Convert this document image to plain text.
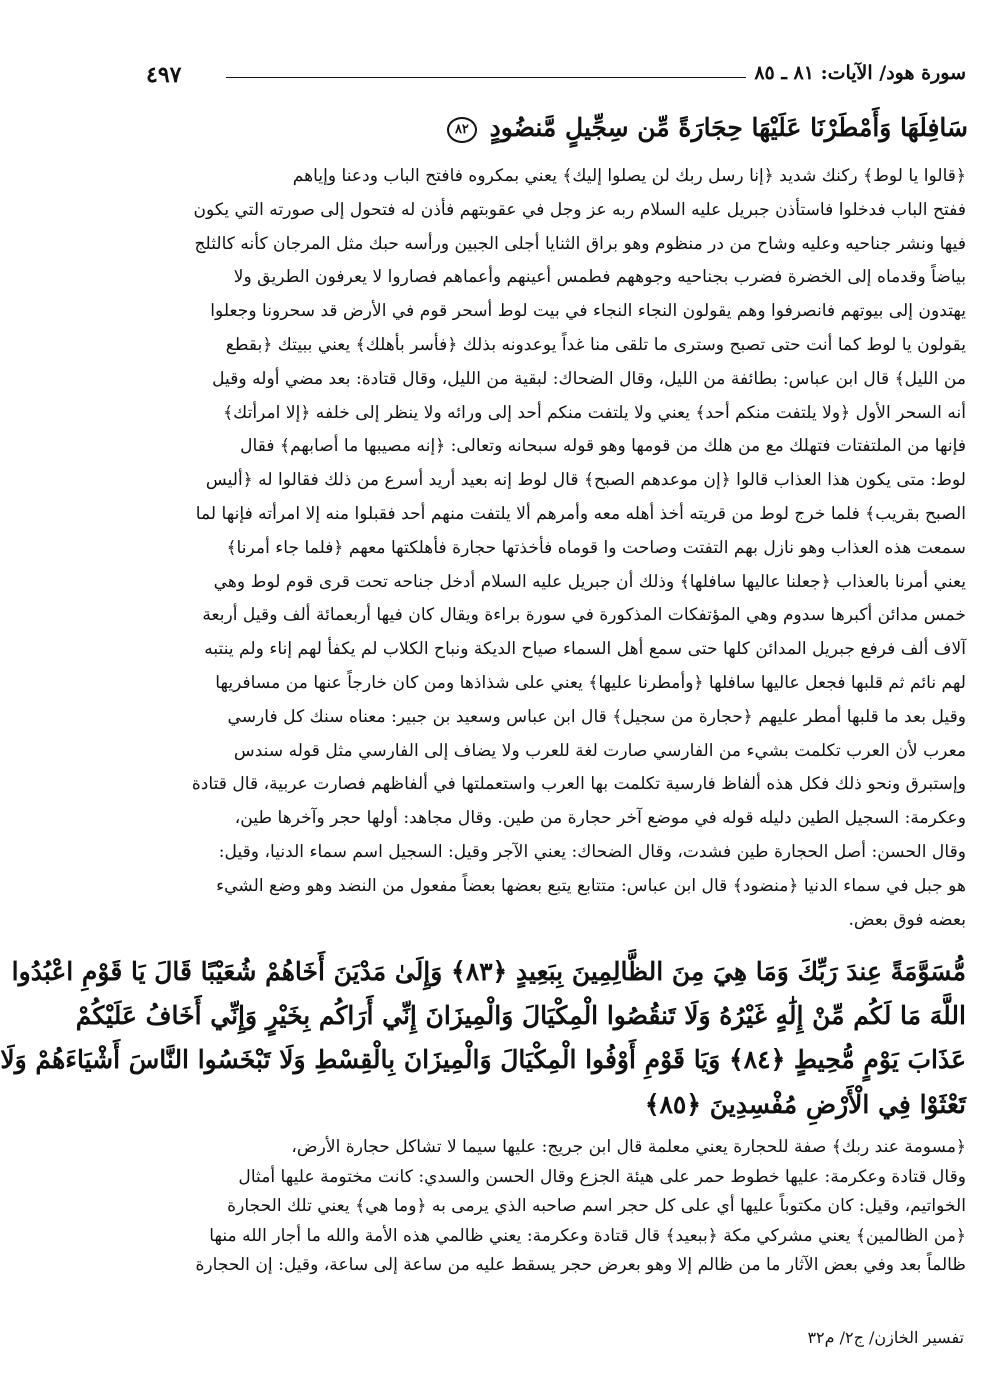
سورة هود/ الآيات: ٨١ ـ ٨٥
٤٩٧
سَافِلَهَا وَأَمْطَرْنَا عَلَيْهَا حِجَارَةً مِّن سِجِّيلٍ مَّنضُودٍ ٨٢
﴿قالوا يا لوط﴾ ركنك شديد ﴿إنا رسل ربك لن يصلوا إليك﴾ يعني بمكروه فافتح الباب ودعنا وإياهم
ففتح الباب فدخلوا فاستأذن جبريل عليه السلام ربه عز وجل في عقوبتهم فأذن له فتحول إلى صورته التي يكون
فيها ونشر جناحيه وعليه وشاح من در منظوم وهو براق الثنايا أجلى الجبين ورأسه حبك مثل المرجان كأنه كالثلج
بياضاً وقدماه إلى الخضرة فضرب بجناحيه وجوههم فطمس أعينهم وأعماهم فصاروا لا يعرفون الطريق ولا
يهتدون إلى بيوتهم فانصرفوا وهم يقولون النجاء النجاء في بيت لوط أسحر قوم في الأرض قد سحرونا وجعلوا
يقولون يا لوط كما أنت حتى تصبح وسترى ما تلقى منا غداً يوعدونه بذلك ﴿فأسر بأهلك﴾ يعني ببيتك ﴿بقطع
من الليل﴾ قال ابن عباس: بطائفة من الليل، وقال الضحاك: لبقية من الليل، وقال قتادة: بعد مضي أوله وقيل
أنه السحر الأول ﴿ولا يلتفت منكم أحد﴾ يعني ولا يلتفت منكم أحد إلى ورائه ولا ينظر إلى خلفه ﴿إلا امرأتك﴾
فإنها من الملتفتات فتهلك مع من هلك من قومها وهو قوله سبحانه وتعالى: ﴿إنه مصيبها ما أصابهم﴾ فقال
لوط: متى يكون هذا العذاب قالوا ﴿إن موعدهم الصبح﴾ قال لوط إنه بعيد أريد أسرع من ذلك فقالوا له ﴿أليس
الصبح بقريب﴾ فلما خرج لوط من قريته أخذ أهله معه وأمرهم ألا يلتفت منهم أحد فقبلوا منه إلا امرأته فإنها لما
سمعت هذه العذاب وهو نازل بهم التفتت وصاحت وا قوماه فأخذتها حجارة فأهلكتها معهم ﴿فلما جاء أمرنا﴾
يعني أمرنا بالعذاب ﴿جعلنا عاليها سافلها﴾ وذلك أن جبريل عليه السلام أدخل جناحه تحت قرى قوم لوط وهي
خمس مدائن أكبرها سدوم وهي المؤتفكات المذكورة في سورة براءة ويقال كان فيها أربعمائة ألف وقيل أربعة
آلاف ألف فرفع جبريل المدائن كلها حتى سمع أهل السماء صياح الديكة ونباح الكلاب لم يكفأ لهم إناء ولم ينتبه
لهم نائم ثم قلبها فجعل عاليها سافلها ﴿وأمطرنا عليها﴾ يعني على شذاذها ومن كان خارجاً عنها من مسافريها
وقيل بعد ما قلبها أمطر عليهم ﴿حجارة من سجيل﴾ قال ابن عباس وسعيد بن جبير: معناه سنك كل فارسي
معرب لأن العرب تكلمت بشيء من الفارسي صارت لغة للعرب ولا يضاف إلى الفارسي مثل قوله سندس
وإستبرق ونحو ذلك فكل هذه ألفاظ فارسية تكلمت بها العرب واستعملتها في ألفاظهم فصارت عربية، قال قتادة
وعكرمة: السجيل الطين دليله قوله في موضع آخر حجارة من طين. وقال مجاهد: أولها حجر وآخرها طين،
وقال الحسن: أصل الحجارة طين فشدت، وقال الضحاك: يعني الآجر وقيل: السجيل اسم سماء الدنيا، وقيل:
هو جبل في سماء الدنيا ﴿منضود﴾ قال ابن عباس: متتابع يتبع بعضها بعضاً مفعول من النضد وهو وضع الشيء
بعضه فوق بعض.
مُّسَوَّمَةً عِندَ رَبِّكَ وَمَا هِيَ مِنَ الظَّالِمِينَ بِبَعِيدٍ ﴿٨٣﴾ وَإِلَىٰ مَدْيَنَ أَخَاهُمْ شُعَيْبًا قَالَ يَا قَوْمِ اعْبُدُوا
اللَّهَ مَا لَكُم مِّنْ إِلَٰهٍ غَيْرُهُ وَلَا تَنقُصُوا الْمِكْيَالَ وَالْمِيزَانَ إِنِّي أَرَاكُم بِخَيْرٍ وَإِنِّي أَخَافُ عَلَيْكُمْ
عَذَابَ يَوْمٍ مُّحِيطٍ ﴿٨٤﴾ وَيَا قَوْمِ أَوْفُوا الْمِكْيَالَ وَالْمِيزَانَ بِالْقِسْطِ وَلَا تَبْخَسُوا النَّاسَ أَشْيَاءَهُمْ وَلَا
تَعْثَوْا فِي الْأَرْضِ مُفْسِدِينَ ﴿٨٥﴾
﴿مسومة عند ربك﴾ صفة للحجارة يعني معلمة قال ابن جريج: عليها سيما لا تشاكل حجارة الأرض،
وقال قتادة وعكرمة: عليها خطوط حمر على هيئة الجزع وقال الحسن والسدي: كانت مختومة عليها أمثال
الخواتيم، وقيل: كان مكتوباً عليها أي على كل حجر اسم صاحبه الذي يرمى به ﴿وما هي﴾ يعني تلك الحجارة
﴿من الظالمين﴾ يعني مشركي مكة ﴿ببعيد﴾ قال قتادة وعكرمة: يعني ظالمي هذه الأمة والله ما أجار الله منها
ظالماً بعد وفي بعض الآثار ما من ظالم إلا وهو بعرض حجر يسقط عليه من ساعة إلى ساعة، وقيل: إن الحجارة
تفسير الخازن/ ج٢/ م٣٢
